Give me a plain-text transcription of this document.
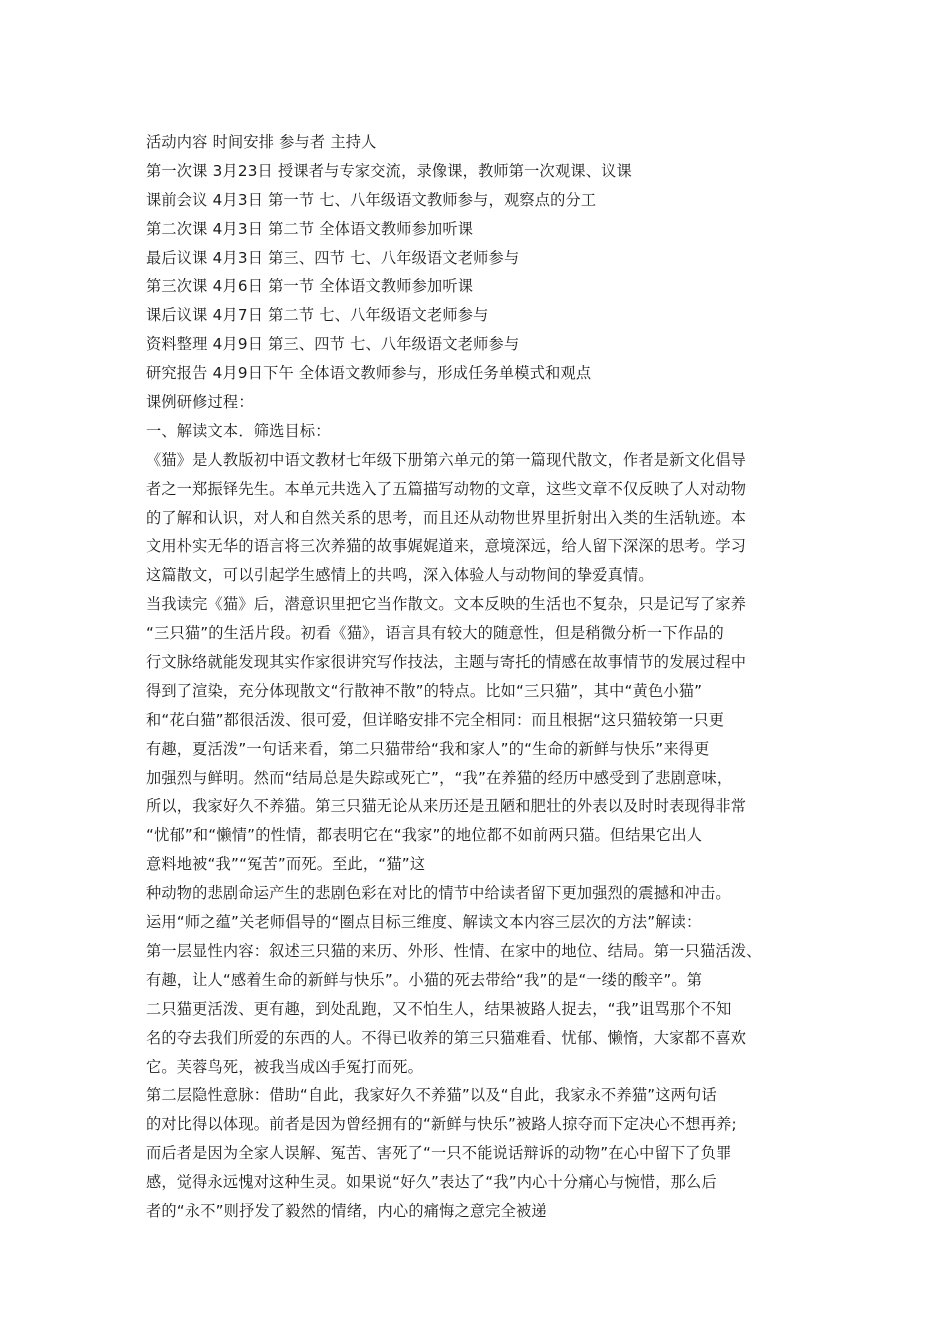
活动内容 时间安排 参与者 主持人
第一次课 3月23日 授课者与专家交流，录像课，教师第一次观课、议课
课前会议 4月3日 第一节 七、八年级语文教师参与，观察点的分工
第二次课 4月3日 第二节 全体语文教师参加听课
最后议课 4月3日 第三、四节 七、八年级语文老师参与
第三次课 4月6日 第一节 全体语文教师参加听课
课后议课 4月7日 第二节 七、八年级语文老师参与
资料整理 4月9日 第三、四节 七、八年级语文老师参与
研究报告 4月9日下午 全体语文教师参与，形成任务单模式和观点
课例研修过程：
一、解读文本．筛选目标：
《猫》是人教版初中语文教材七年级下册第六单元的第一篇现代散文，作者是新文化倡导
者之一郑振铎先生。本单元共选入了五篇描写动物的文章，这些文章不仅反映了人对动物
的了解和认识，对人和自然关系的思考，而且还从动物世界里折射出入类的生活轨迹。本
文用朴实无华的语言将三次养猫的故事娓娓道来，意境深远，给人留下深深的思考。学习
这篇散文，可以引起学生感情上的共鸣，深入体验人与动物间的挚爱真情。
当我读完《猫》后，潜意识里把它当作散文。文本反映的生活也不复杂，只是记写了家养
“三只猫”的生活片段。初看《猫》，语言具有较大的随意性，但是稍微分析一下作品的
行文脉络就能发现其实作家很讲究写作技法，主题与寄托的情感在故事情节的发展过程中
得到了渲染，充分体现散文“行散神不散”的特点。比如“三只猫”，其中“黄色小猫”
和“花白猫”都很活泼、很可爱，但详略安排不完全相同：而且根据“这只猫较第一只更
有趣，夏活泼”一句话来看，第二只猫带给“我和家人”的“生命的新鲜与快乐”来得更
加强烈与鲜明。然而“结局总是失踪或死亡”，“我”在养猫的经历中感受到了悲剧意味，
所以，我家好久不养猫。第三只猫无论从来历还是丑陋和肥壮的外表以及时时表现得非常
“忧郁”和“懒情”的性情，都表明它在“我家”的地位都不如前两只猫。但结果它出人
意料地被“我”“冤苦”而死。至此，“猫”这
种动物的悲剧命运产生的悲剧色彩在对比的情节中给读者留下更加强烈的震撼和冲击。
运用“师之蕴”关老师倡导的“圈点目标三维度、解读文本内容三层次的方法”解读：
第一层显性内容：叙述三只猫的来历、外形、性情、在家中的地位、结局。第一只猫活泼、
有趣，让人“感着生命的新鲜与快乐”。小猫的死去带给“我”的是“一缕的酸辛”。第
二只猫更活泼、更有趣，到处乱跑，又不怕生人，结果被路人捉去，“我”诅骂那个不知
名的夺去我们所爱的东西的人。不得已收养的第三只猫难看、忧郁、懒惰，大家都不喜欢
它。芙蓉鸟死，被我当成凶手冤打而死。
第二层隐性意脉：借助“自此，我家好久不养猫”以及“自此，我家永不养猫”这两句话
的对比得以体现。前者是因为曾经拥有的“新鲜与快乐”被路人掠夺而下定决心不想再养;
而后者是因为全家人误解、冤苦、害死了“一只不能说话辩诉的动物”在心中留下了负罪
感，觉得永远愧对这种生灵。如果说“好久”表达了“我”内心十分痛心与惋惜，那么后
者的“永不”则抒发了毅然的情绪，内心的痛悔之意完全被递
